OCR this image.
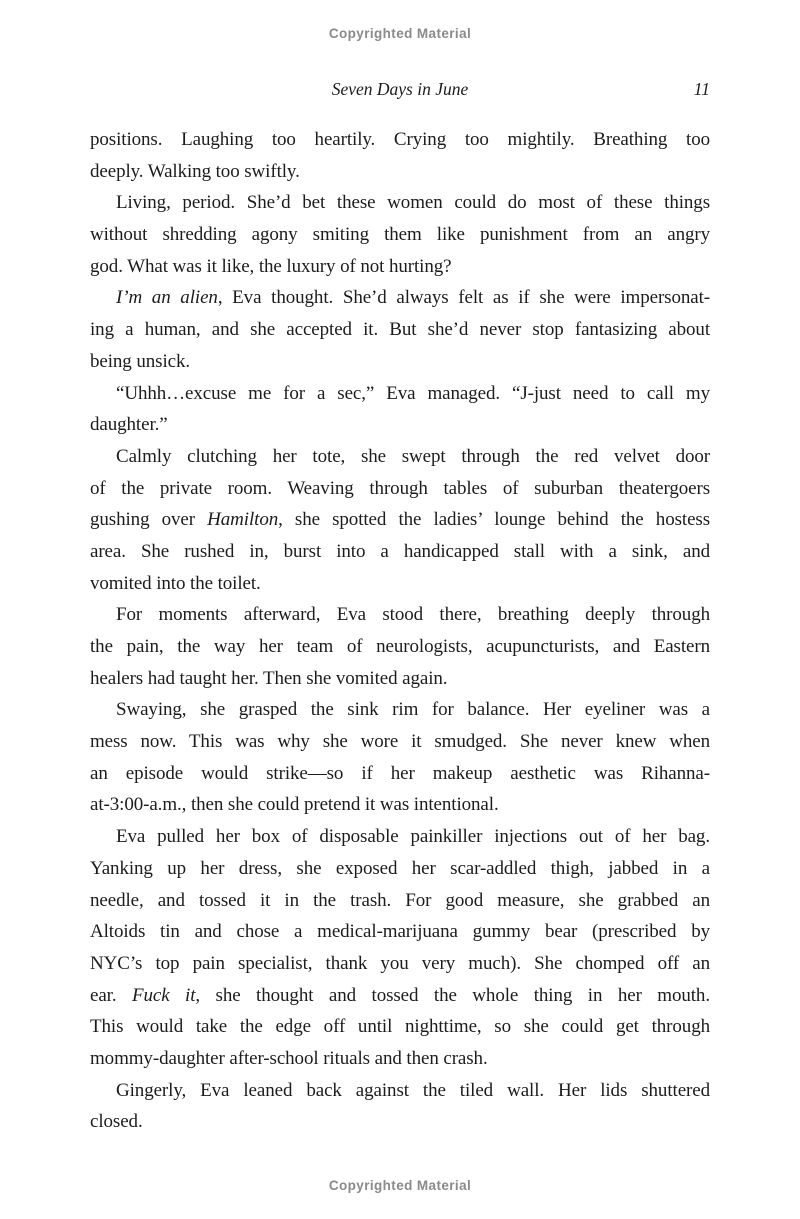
Copyrighted Material
Seven Days in June	11
positions. Laughing too heartily. Crying too mightily. Breathing too
deeply. Walking too swiftly.
Living, period. She’d bet these women could do most of these things
without shredding agony smiting them like punishment from an angry
god. What was it like, the luxury of not hurting?
I’m an alien, Eva thought. She’d always felt as if she were impersonat-
ing a human, and she accepted it. But she’d never stop fantasizing about
being unsick.
“Uhhh…excuse me for a sec,” Eva managed. “J-just need to call my
daughter.”
Calmly clutching her tote, she swept through the red velvet door
of the private room. Weaving through tables of suburban theatergoers
gushing over Hamilton, she spotted the ladies’ lounge behind the hostess
area. She rushed in, burst into a handicapped stall with a sink, and
vomited into the toilet.
For moments afterward, Eva stood there, breathing deeply through
the pain, the way her team of neurologists, acupuncturists, and Eastern
healers had taught her. Then she vomited again.
Swaying, she grasped the sink rim for balance. Her eyeliner was a
mess now. This was why she wore it smudged. She never knew when
an episode would strike—so if her makeup aesthetic was Rihanna-
at-3:00-a.m., then she could pretend it was intentional.
Eva pulled her box of disposable painkiller injections out of her bag.
Yanking up her dress, she exposed her scar-addled thigh, jabbed in a
needle, and tossed it in the trash. For good measure, she grabbed an
Altoids tin and chose a medical-marijuana gummy bear (prescribed by
NYC’s top pain specialist, thank you very much). She chomped off an
ear. Fuck it, she thought and tossed the whole thing in her mouth.
This would take the edge off until nighttime, so she could get through
mommy-daughter after-school rituals and then crash.
Gingerly, Eva leaned back against the tiled wall. Her lids shuttered
closed.
Copyrighted Material
